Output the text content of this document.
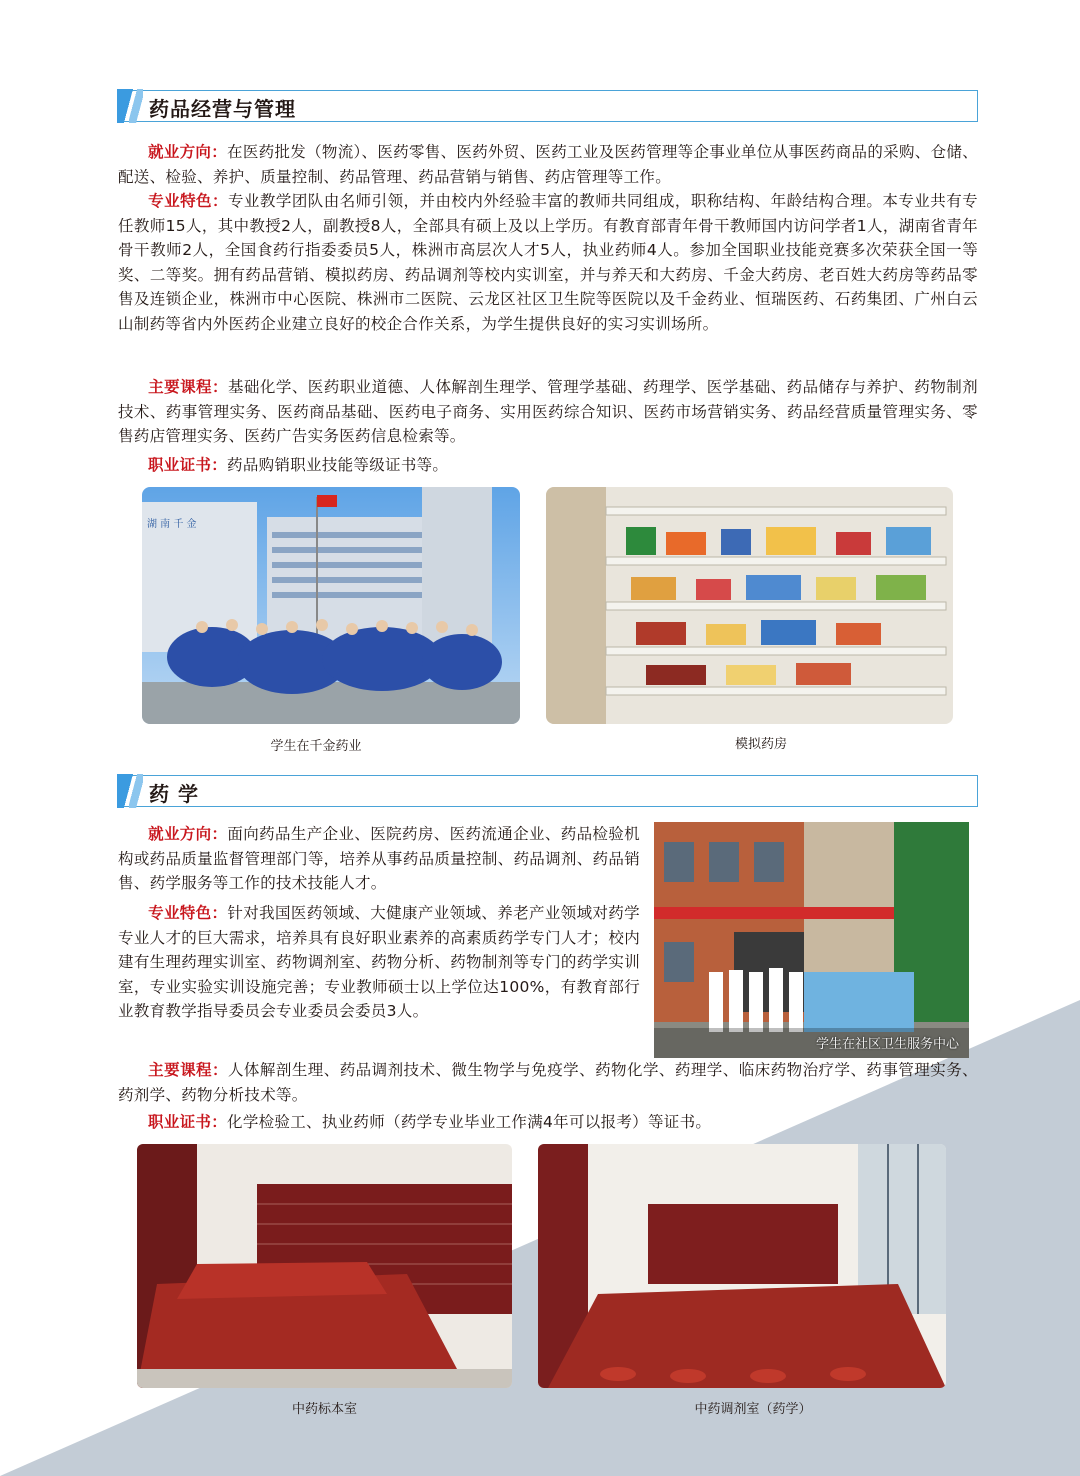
药品经营与管理
就业方向：在医药批发（物流）、医药零售、医药外贸、医药工业及医药管理等企事业单位从事医药商品的采购、仓储、配送、检验、养护、质量控制、药品管理、药品营销与销售、药店管理等工作。
专业特色：专业教学团队由名师引领，并由校内外经验丰富的教师共同组成，职称结构、年龄结构合理。本专业共有专任教师15人，其中教授2人，副教授8人，全部具有硕上及以上学历。有教育部青年骨干教师国内访问学者1人，湖南省青年骨干教师2人，全国食药行指委委员5人，株洲市高层次人才5人，执业药师4人。参加全国职业技能竞赛多次荣获全国一等奖、二等奖。拥有药品营销、模拟药房、药品调剂等校内实训室，并与养天和大药房、千金大药房、老百姓大药房等药品零售及连锁企业，株洲市中心医院、株洲市二医院、云龙区社区卫生院等医院以及千金药业、恒瑞医药、石药集团、广州白云山制药等省内外医药企业建立良好的校企合作关系，为学生提供良好的实习实训场所。
主要课程：基础化学、医药职业道德、人体解剖生理学、管理学基础、药理学、医学基础、药品储存与养护、药物制剂技术、药事管理实务、医药商品基础、医药电子商务、实用医药综合知识、医药市场营销实务、药品经营质量管理实务、零售药店管理实务、医药广告实务医药信息检索等。
职业证书：药品购销职业技能等级证书等。
湖 南 千 金
学生在千金药业	模拟药房
药 学
就业方向：面向药品生产企业、医院药房、医药流通企业、药品检验机构或药品质量监督管理部门等，培养从事药品质量控制、药品调剂、药品销售、药学服务等工作的技术技能人才。
专业特色：针对我国医药领域、大健康产业领域、养老产业领域对药学专业人才的巨大需求，培养具有良好职业素养的高素质药学专门人才；校内建有生理药理实训室、药物调剂室、药物分析、药物制剂等专门的药学实训室，专业实验实训设施完善；专业教师硕士以上学位达100%，有教育部行业教育教学指导委员会专业委员会委员3人。
主要课程：人体解剖生理、药品调剂技术、微生物学与免疫学、药物化学、药理学、临床药物治疗学、药事管理实务、药剂学、药物分析技术等。
职业证书：化学检验工、执业药师（药学专业毕业工作满4年可以报考）等证书。
学生在社区卫生服务中心
中药标本室	中药调剂室（药学）
